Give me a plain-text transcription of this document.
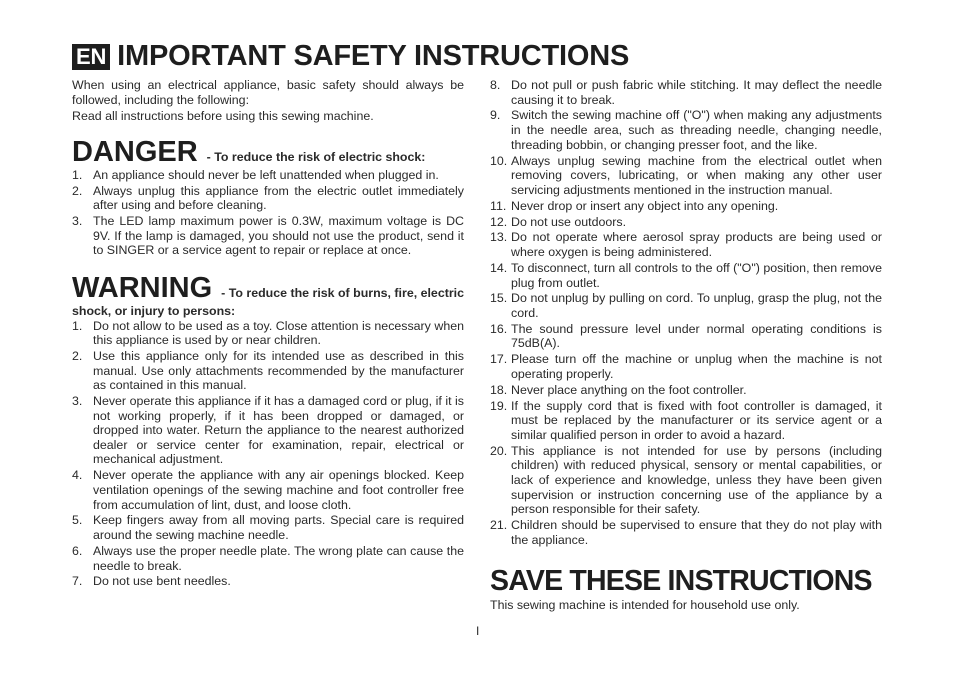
EN IMPORTANT SAFETY INSTRUCTIONS

When using an electrical appliance, basic safety should always be followed, including the following:

Read all instructions before using this sewing machine.

DANGER - To reduce the risk of electric shock:
1. An appliance should never be left unattended when plugged in.
2. Always unplug this appliance from the electric outlet immediately after using and before cleaning.
3. The LED lamp maximum power is 0.3W, maximum voltage is DC 9V. If the lamp is damaged, you should not use the product, send it to SINGER or a service agent to repair or replace at once.
WARNING - To reduce the risk of burns, fire, electric shock, or injury to persons:
1. Do not allow to be used as a toy. Close attention is necessary when this appliance is used by or near children.
2. Use this appliance only for its intended use as described in this manual. Use only attachments recommended by the manufacturer as contained in this manual.
3. Never operate this appliance if it has a damaged cord or plug, if it is not working properly, if it has been dropped or damaged, or dropped into water. Return the appliance to the nearest authorized dealer or service center for examination, repair, electrical or mechanical adjustment.
4. Never operate the appliance with any air openings blocked. Keep ventilation openings of the sewing machine and foot controller free from accumulation of lint, dust, and loose cloth.
5. Keep fingers away from all moving parts. Special care is required around the sewing machine needle.
6. Always use the proper needle plate. The wrong plate can cause the needle to break.
7. Do not use bent needles.
8. Do not pull or push fabric while stitching. It may deflect the needle causing it to break.
9. Switch the sewing machine off ("O") when making any adjustments in the needle area, such as threading needle, changing needle, threading bobbin, or changing presser foot, and the like.
10. Always unplug sewing machine from the electrical outlet when removing covers, lubricating, or when making any other user servicing adjustments mentioned in the instruction manual.
11. Never drop or insert any object into any opening.
12. Do not use outdoors.
13. Do not operate where aerosol spray products are being used or where oxygen is being administered.
14. To disconnect, turn all controls to the off ("O") position, then remove plug from outlet.
15. Do not unplug by pulling on cord. To unplug, grasp the plug, not the cord.
16. The sound pressure level under normal operating conditions is 75dB(A).
17. Please turn off the machine or unplug when the machine is not operating properly.
18. Never place anything on the foot controller.
19. If the supply cord that is fixed with foot controller is damaged, it must be replaced by the manufacturer or its service agent or a similar qualified person in order to avoid a hazard.
20. This appliance is not intended for use by persons (including children) with reduced physical, sensory or mental capabilities, or lack of experience and knowledge, unless they have been given supervision or instruction concerning use of the appliance by a person responsible for their safety.
21. Children should be supervised to ensure that they do not play with the appliance.
SAVE THESE INSTRUCTIONS

This sewing machine is intended for household use only.

I
